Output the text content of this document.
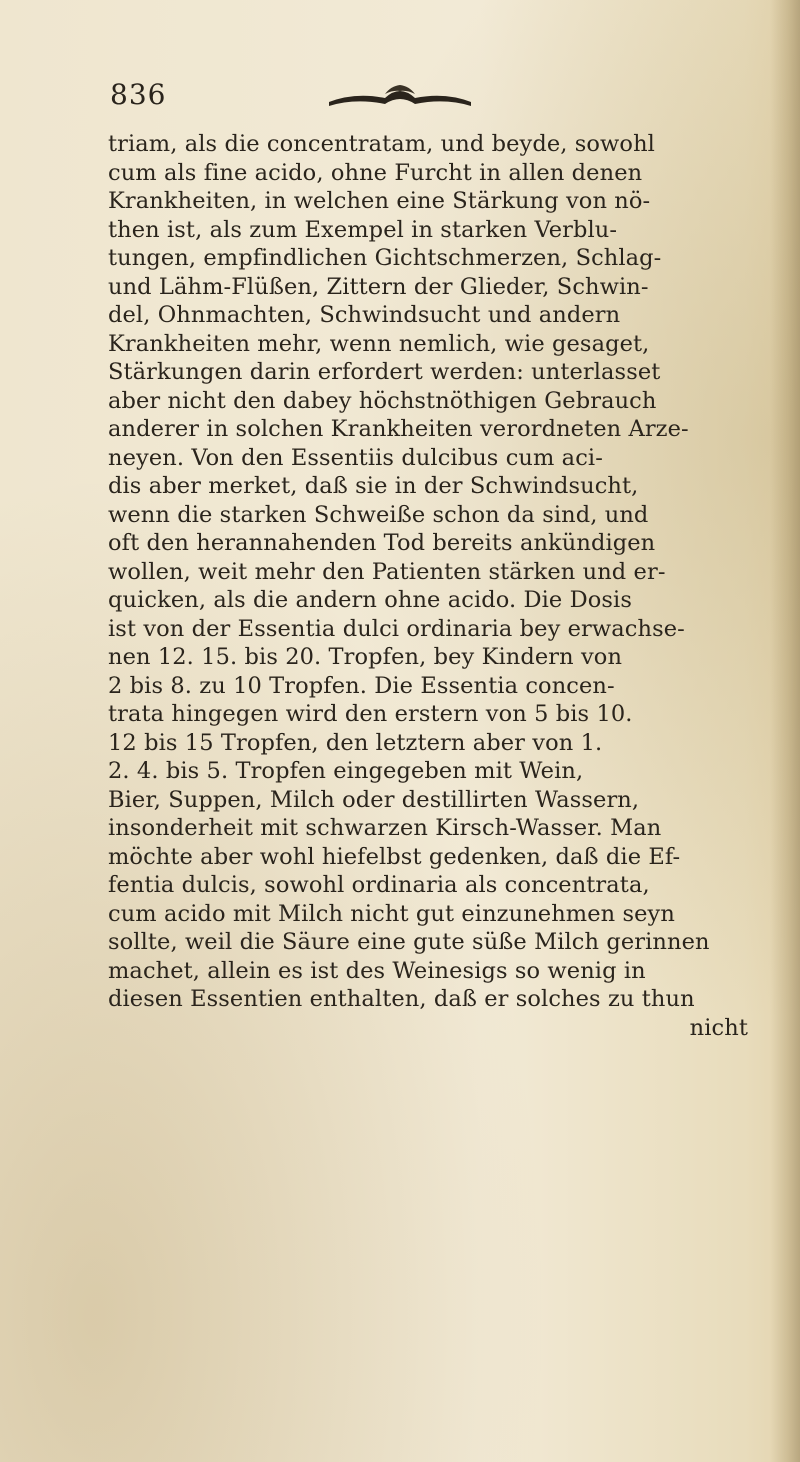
836
triam, als die concentratam, und beyde, sowohl
cum als fine acido, ohne Furcht in allen denen
Krankheiten, in welchen eine Stärkung von nö-
then ist, als zum Exempel in starken Verblu-
tungen, empfindlichen Gichtschmerzen, Schlag-
und Lähm-Flüßen, Zittern der Glieder, Schwin-
del, Ohnmachten, Schwindsucht und andern
Krankheiten mehr, wenn nemlich, wie gesaget,
Stärkungen darin erfordert werden: unterlasset
aber nicht den dabey höchstnöthigen Gebrauch
anderer in solchen Krankheiten verordneten Arze-
neyen. Von den Essentiis dulcibus cum aci-
dis aber merket, daß sie in der Schwindsucht,
wenn die starken Schweiße schon da sind, und
oft den herannahenden Tod bereits ankündigen
wollen, weit mehr den Patienten stärken und er-
quicken, als die andern ohne acido. Die Dosis
ist von der Essentia dulci ordinaria bey erwachse-
nen 12. 15. bis 20. Tropfen, bey Kindern von
2 bis 8. zu 10 Tropfen. Die Essentia concen-
trata hingegen wird den erstern von 5 bis 10.
12 bis 15 Tropfen, den letztern aber von 1.
2. 4. bis 5. Tropfen eingegeben mit Wein,
Bier, Suppen, Milch oder destillirten Wassern,
insonderheit mit schwarzen Kirsch-Wasser. Man
möchte aber wohl hiefelbst gedenken, daß die Ef-
fentia dulcis, sowohl ordinaria als concentrata,
cum acido mit Milch nicht gut einzunehmen seyn
sollte, weil die Säure eine gute süße Milch gerinnen
machet, allein es ist des Weinesigs so wenig in
diesen Essentien enthalten, daß er solches zu thun
nicht
